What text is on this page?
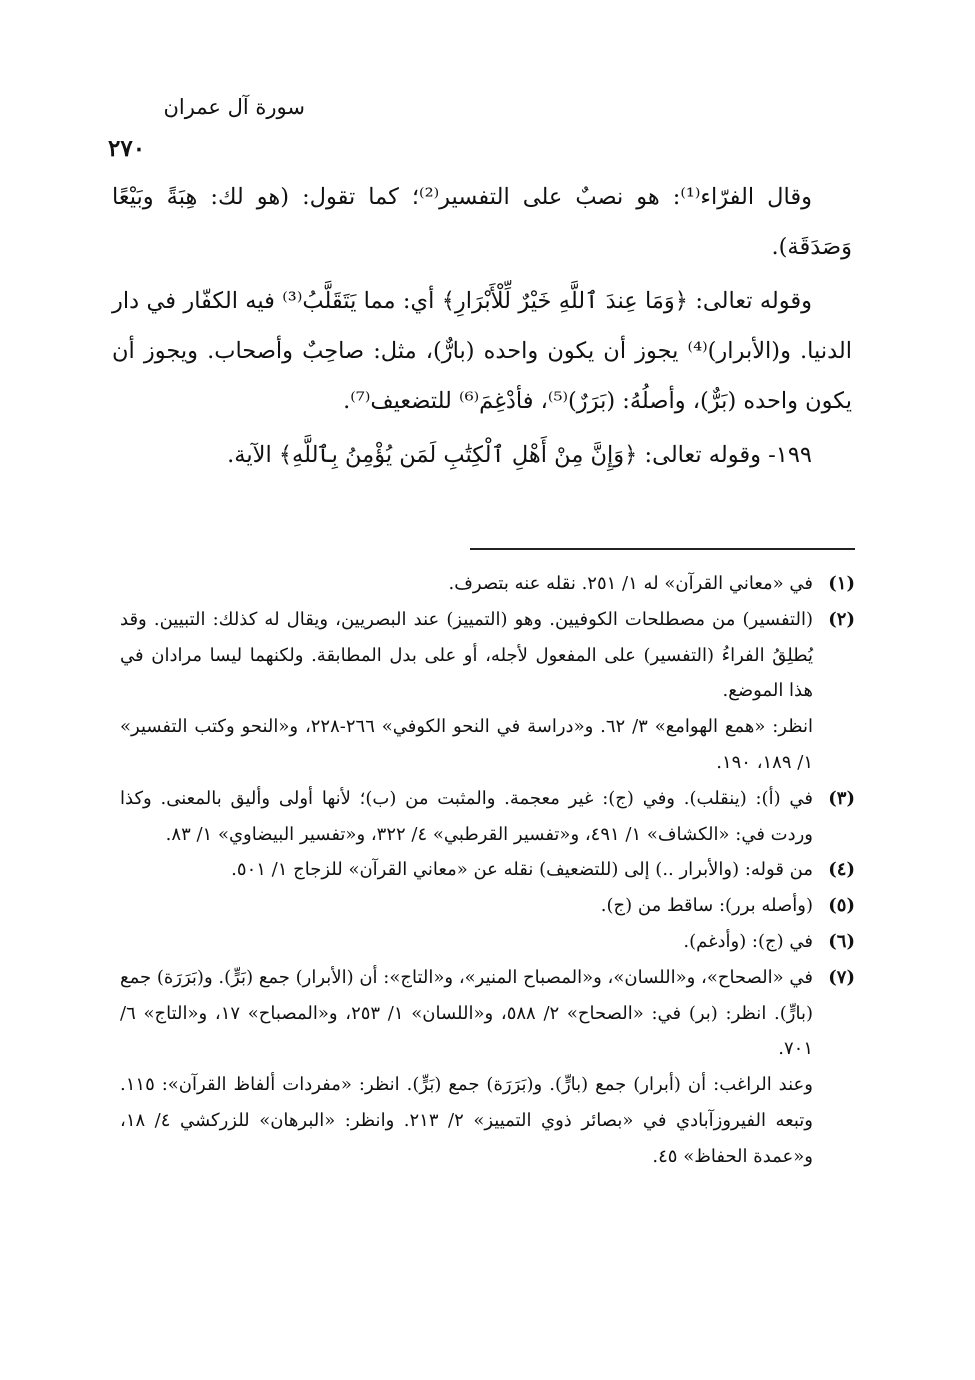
سورة آل عمران
٢٧٠

وقال الفرّاء⁽¹⁾: هو نصبٌ على التفسير⁽²⁾؛ كما تقول: (هو لك: هِبَةً وبَيْعًا وَصَدَقَة).

وقوله تعالى: ﴿وَمَا عِندَ ٱللَّهِ خَيْرٌ لِّلْأَبْرَارِ﴾ أي: مما يَتَقَلَّبُ⁽³⁾ فيه الكفّار في دار الدنيا. و(الأبرار)⁽⁴⁾ يجوز أن يكون واحده (بارٌّ)، مثل: صاحِبٌ وأصحاب. ويجوز أن يكون واحده (بَرٌّ)، وأصلُهُ: (بَرَرٌ)⁽⁵⁾، فأدْغِمَ⁽⁶⁾ للتضعيف⁽⁷⁾.

١٩٩- وقوله تعالى: ﴿وَإِنَّ مِنْ أَهْلِ ٱلْكِتَٰبِ لَمَن يُؤْمِنُ بِٱللَّهِ﴾ الآية.

(١)
في «معاني القرآن» له ١/ ٢٥١. نقله عنه بتصرف.
(٢)
(التفسير) من مصطلحات الكوفيين. وهو (التمييز) عند البصريين، ويقال له كذلك: التبيين. وقد يُطلِقُ الفراءُ (التفسير) على المفعول لأجله، أو على بدل المطابقة. ولكنهما ليسا مرادان في هذا الموضع.
انظر: «همع الهوامع» ٣/ ٦٢. و«دراسة في النحو الكوفي» ٢٦٦-٢٢٨، و«النحو وكتب التفسير» ١/ ١٨٩، ١٩٠.
(٣)
في (أ): (ينقلب). وفي (ج): غير معجمة. والمثبت من (ب)؛ لأنها أولى وأليق بالمعنى. وكذا وردت في: «الكشاف» ١/ ٤٩١، و«تفسير القرطبي» ٤/ ٣٢٢، و«تفسير البيضاوي» ١/ ٨٣.
(٤)
من قوله: (والأبرار ..) إلى (للتضعيف) نقله عن «معاني القرآن» للزجاج ١/ ٥٠١.
(٥)
(وأصله برر): ساقط من (ج).
(٦)
في (ج): (وأدغم).
(٧)
في «الصحاح»، و«اللسان»، و«المصباح المنير»، و«التاج»: أن (الأبرار) جمع (بَرٍّ). و(بَرَرَة) جمع (بارٍّ). انظر: (بر) في: «الصحاح» ٢/ ٥٨٨، و«اللسان» ١/ ٢٥٣، و«المصباح» ١٧، و«التاج» ٦/ ٧٠١.
وعند الراغب: أن (أبرار) جمع (بارٍّ). و(بَرَرَة) جمع (بَرٍّ). انظر: «مفردات ألفاظ القرآن»: ١١٥. وتبعه الفيروزآبادي في «بصائر ذوي التمييز» ٢/ ٢١٣. وانظر: «البرهان» للزركشي ٤/ ١٨، و«عمدة الحفاظ» ٤٥.
